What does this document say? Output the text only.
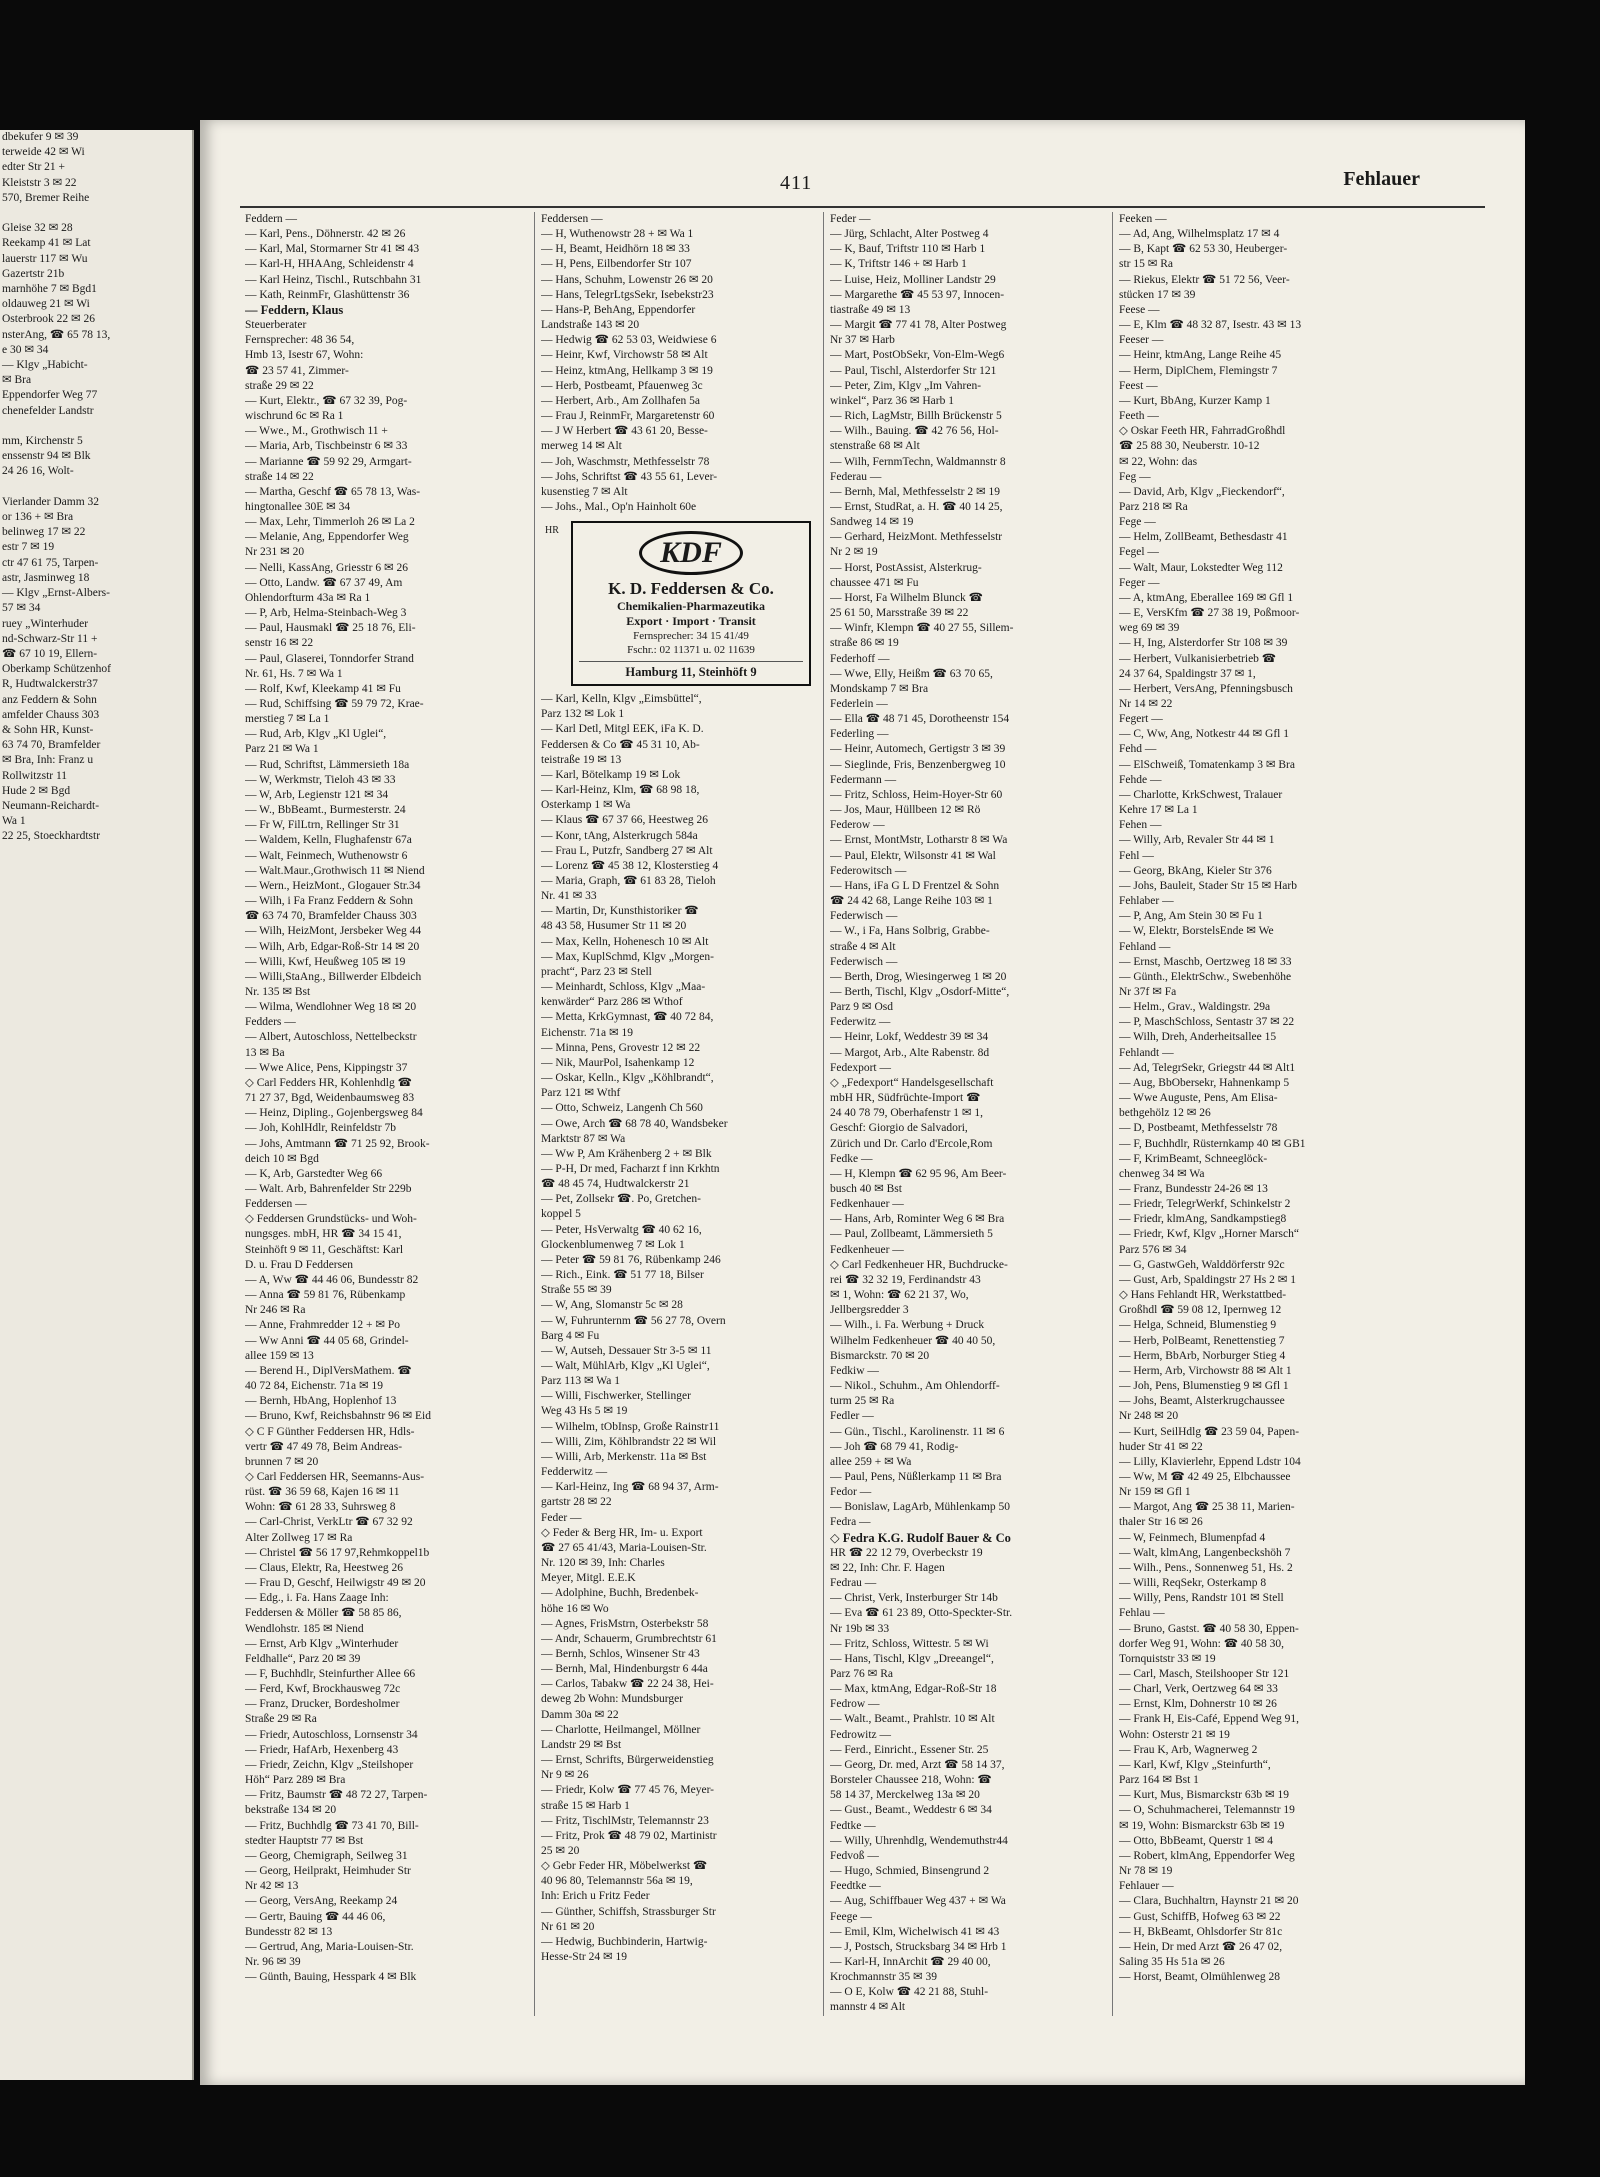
dbekufer 9 ✉ 39
terweide 42 ✉ Wi
edter Str 21 +
Kleiststr 3 ✉ 22
570, Bremer Reihe

Gleise 32 ✉ 28
Reekamp 41 ✉ Lat
lauerstr 117 ✉ Wu
Gazertstr 21b
marnhöhe 7 ✉ Bgd1
oldauweg 21 ✉ Wi
Osterbrook 22 ✉ 26
nsterAng, ☎ 65 78 13,
e 30 ✉ 34
— Klgv „Habicht-
✉ Bra
Eppendorfer Weg 77
chenefelder Landstr

mm, Kirchenstr 5
enssenstr 94 ✉ Blk
24 26 16, Wolt-

Vierlander Damm 32
or 136 + ✉ Bra
belinweg 17 ✉ 22
estr 7 ✉ 19
ctr 47 61 75, Tarpen-
astr, Jasminweg 18
— Klgv „Ernst-Albers-
57 ✉ 34
ruey „Winterhuder
nd-Schwarz-Str 11 +
☎ 67 10 19, Ellern-
Oberkamp Schützenhof
R, Hudtwalckerstr37
anz Feddern & Sohn
amfelder Chauss 303
& Sohn HR, Kunst-
63 74 70, Bramfelder
✉ Bra, Inh: Franz u
Rollwitzstr 11
Hude 2 ✉ Bgd
Neumann-Reichardt-
Wa 1
22 25, Stoeckhardtstr
411	Fehlauer
Feddern —
— Karl, Pens., Döhnerstr. 42 ✉ 26
— Karl, Mal, Stormarner Str 41 ✉ 43
— Karl-H, HHAAng, Schleidenstr 4
— Karl Heinz, Tischl., Rutschbahn 31
— Kath, ReinmFr, Glashüttenstr 36
— Feddern, Klaus
Steuerberater
Fernsprecher: 48 36 54,
Hmb 13, Isestr 67, Wohn:
☎ 23 57 41, Zimmer-
straße 29 ✉ 22
— Kurt, Elektr., ☎ 67 32 39, Pog-
wischrund 6c ✉ Ra 1
— Wwe., M., Grothwisch 11 +
— Maria, Arb, Tischbeinstr 6 ✉ 33
— Marianne ☎ 59 92 29, Armgart-
straße 14 ✉ 22
— Martha, Geschf ☎ 65 78 13, Was-
hingtonallee 30E ✉ 34
— Max, Lehr, Timmerloh 26 ✉ La 2
— Melanie, Ang, Eppendorfer Weg
Nr 231 ✉ 20
— Nelli, KassAng, Griesstr 6 ✉ 26
— Otto, Landw. ☎ 67 37 49, Am
Ohlendorfturm 43a ✉ Ra 1
— P, Arb, Helma-Steinbach-Weg 3
— Paul, Hausmakl ☎ 25 18 76, Eli-
senstr 16 ✉ 22
— Paul, Glaserei, Tonndorfer Strand
Nr. 61, Hs. 7 ✉ Wa 1
— Rolf, Kwf, Kleekamp 41 ✉ Fu
— Rud, Schiffsing ☎ 59 79 72, Krae-
merstieg 7 ✉ La 1
— Rud, Arb, Klgv „Kl Uglei“,
Parz 21 ✉ Wa 1
— Rud, Schriftst, Lämmersieth 18a
— W, Werkmstr, Tieloh 43 ✉ 33
— W, Arb, Legienstr 121 ✉ 34
— W., BbBeamt., Burmesterstr. 24
— Fr W, FilLtrn, Rellinger Str 31
— Waldem, Kelln, Flughafenstr 67a
— Walt, Feinmech, Wuthenowstr 6
— Walt.Maur.,Grothwisch 11 ✉ Niend
— Wern., HeizMont., Glogauer Str.34
— Wilh, i Fa Franz Feddern & Sohn
☎ 63 74 70, Bramfelder Chauss 303
— Wilh, HeizMont, Jersbeker Weg 44
— Wilh, Arb, Edgar-Roß-Str 14 ✉ 20
— Willi, Kwf, Heußweg 105 ✉ 19
— Willi,StaAng., Billwerder Elbdeich
Nr. 135 ✉ Bst
— Wilma, Wendlohner Weg 18 ✉ 20
Fedders —
— Albert, Autoschloss, Nettelbeckstr
13 ✉ Ba
— Wwe Alice, Pens, Kippingstr 37
◇ Carl Fedders HR, Kohlenhdlg ☎
71 27 37, Bgd, Weidenbaumsweg 83
— Heinz, Dipling., Gojenbergsweg 84
— Joh, KohlHdlr, Reinfeldstr 7b
— Johs, Amtmann ☎ 71 25 92, Brook-
deich 10 ✉ Bgd
— K, Arb, Garstedter Weg 66
— Walt. Arb, Bahrenfelder Str 229b
Feddersen —
◇ Feddersen Grundstücks- und Woh-
nungsges. mbH, HR ☎ 34 15 41,
Steinhöft 9 ✉ 11, Geschäftst: Karl
D. u. Frau D Feddersen
— A, Ww ☎ 44 46 06, Bundesstr 82
— Anna ☎ 59 81 76, Rübenkamp
Nr 246 ✉ Ra
— Anne, Frahmredder 12 + ✉ Po
— Ww Anni ☎ 44 05 68, Grindel-
allee 159 ✉ 13
— Berend H., DiplVersMathem. ☎
40 72 84, Eichenstr. 71a ✉ 19
— Bernh, HbAng, Hoplenhof 13
— Bruno, Kwf, Reichsbahnstr 96 ✉ Eid
◇ C F Günther Feddersen HR, Hdls-
vertr ☎ 47 49 78, Beim Andreas-
brunnen 7 ✉ 20
◇ Carl Feddersen HR, Seemanns-Aus-
rüst. ☎ 36 59 68, Kajen 16 ✉ 11
Wohn: ☎ 61 28 33, Suhrsweg 8
— Carl-Christ, VerkLtr ☎ 67 32 92
Alter Zollweg 17 ✉ Ra
— Christel ☎ 56 17 97,Rehmkoppel1b
— Claus, Elektr, Ra, Heestweg 26
— Frau D, Geschf, Heilwigstr 49 ✉ 20
— Edg., i. Fa. Hans Zaage Inh:
Feddersen & Möller ☎ 58 85 86,
Wendlohstr. 185 ✉ Niend
— Ernst, Arb Klgv „Winterhuder
Feldhalle“, Parz 20 ✉ 39
— F, Buchhdlr, Steinfurther Allee 66
— Ferd, Kwf, Brockhausweg 72c
— Franz, Drucker, Bordesholmer
Straße 29 ✉ Ra
— Friedr, Autoschloss, Lornsenstr 34
— Friedr, HafArb, Hexenberg 43
— Friedr, Zeichn, Klgv „Steilshoper
Höh“ Parz 289 ✉ Bra
— Fritz, Baumstr ☎ 48 72 27, Tarpen-
bekstraße 134 ✉ 20
— Fritz, Buchhdlg ☎ 73 41 70, Bill-
stedter Hauptstr 77 ✉ Bst
— Georg, Chemigraph, Seilweg 31
— Georg, Heilprakt, Heimhuder Str
Nr 42 ✉ 13
— Georg, VersAng, Reekamp 24
— Gertr, Bauing ☎ 44 46 06,
Bundesstr 82 ✉ 13
— Gertrud, Ang, Maria-Louisen-Str.
Nr. 96 ✉ 39
— Günth, Bauing, Hesspark 4 ✉ Blk
Feddersen —
— H, Wuthenowstr 28 + ✉ Wa 1
— H, Beamt, Heidhörn 18 ✉ 33
— H, Pens, Eilbendorfer Str 107
— Hans, Schuhm, Lowenstr 26 ✉ 20
— Hans, TelegrLtgsSekr, Isebekstr23
— Hans-P, BehAng, Eppendorfer
Landstraße 143 ✉ 20
— Hedwig ☎ 62 53 03, Weidwiese 6
— Heinr, Kwf, Virchowstr 58 ✉ Alt
— Heinz, ktmAng, Hellkamp 3 ✉ 19
— Herb, Postbeamt, Pfauenweg 3c
— Herbert, Arb., Am Zollhafen 5a
— Frau J, ReinmFr, Margaretenstr 60
— J W Herbert ☎ 43 61 20, Besse-
merweg 14 ✉ Alt
— Joh, Waschmstr, Methfesselstr 78
— Johs, Schriftst ☎ 43 55 61, Lever-
kusenstieg 7 ✉ Alt
— Johs., Mal., Op'n Hainholt 60e
HR
KDF
K. D. Feddersen & Co.
Chemikalien-Pharmazeutika
Export · Import · Transit
Fernsprecher: 34 15 41/49
Fschr.: 02 11371 u. 02 11639
Hamburg 11, Steinhöft 9
— Karl, Kelln, Klgv „Eimsbüttel“,
Parz 132 ✉ Lok 1
— Karl Detl, Mitgl EEK, iFa K. D.
Feddersen & Co ☎ 45 31 10, Ab-
teistraße 19 ✉ 13
— Karl, Bötelkamp 19 ✉ Lok
— Karl-Heinz, Klm, ☎ 68 98 18,
Osterkamp 1 ✉ Wa
— Klaus ☎ 67 37 66, Heestweg 26
— Konr, tAng, Alsterkrugch 584a
— Frau L, Putzfr, Sandberg 27 ✉ Alt
— Lorenz ☎ 45 38 12, Klosterstieg 4
— Maria, Graph, ☎ 61 83 28, Tieloh
Nr. 41 ✉ 33
— Martin, Dr, Kunsthistoriker ☎
48 43 58, Husumer Str 11 ✉ 20
— Max, Kelln, Hohenesch 10 ✉ Alt
— Max, KuplSchmd, Klgv „Morgen-
pracht“, Parz 23 ✉ Stell
— Meinhardt, Schloss, Klgv „Maa-
kenwärder“ Parz 286 ✉ Wthof
— Metta, KrkGymnast, ☎ 40 72 84,
Eichenstr. 71a ✉ 19
— Minna, Pens, Grovestr 12 ✉ 22
— Nik, MaurPol, Isahenkamp 12
— Oskar, Kelln., Klgv „Köhlbrandt“,
Parz 121 ✉ Wthf
— Otto, Schweiz, Langenh Ch 560
— Owe, Arch ☎ 68 78 40, Wandsbeker
Marktstr 87 ✉ Wa
— Ww P, Am Krähenberg 2 + ✉ Blk
— P-H, Dr med, Facharzt f inn Krkhtn
☎ 48 45 74, Hudtwalckerstr 21
— Pet, Zollsekr ☎. Po, Gretchen-
koppel 5
— Peter, HsVerwaltg ☎ 40 62 16,
Glockenblumenweg 7 ✉ Lok 1
— Peter ☎ 59 81 76, Rübenkamp 246
— Rich., Eink. ☎ 51 77 18, Bilser
Straße 55 ✉ 39
— W, Ang, Slomanstr 5c ✉ 28
— W, Fuhrunternm ☎ 56 27 78, Overn
Barg 4 ✉ Fu
— W, Autseh, Dessauer Str 3-5 ✉ 11
— Walt, MühlArb, Klgv „Kl Uglei“,
Parz 113 ✉ Wa 1
— Willi, Fischwerker, Stellinger
Weg 43 Hs 5 ✉ 19
— Wilhelm, tObInsp, Große Rainstr11
— Willi, Zim, Köhlbrandstr 22 ✉ Wil
— Willi, Arb, Merkenstr. 11a ✉ Bst
Fedderwitz —
— Karl-Heinz, Ing ☎ 68 94 37, Arm-
gartstr 28 ✉ 22
Feder —
◇ Feder & Berg HR, Im- u. Export
☎ 27 65 41/43, Maria-Louisen-Str.
Nr. 120 ✉ 39, Inh: Charles
Meyer, Mitgl. E.E.K
— Adolphine, Buchh, Bredenbek-
höhe 16 ✉ Wo
— Agnes, FrisMstrn, Osterbekstr 58
— Andr, Schauerm, Grumbrechtstr 61
— Bernh, Schlos, Winsener Str 43
— Bernh, Mal, Hindenburgstr 6 44a
— Carlos, Tabakw ☎ 22 24 38, Hei-
deweg 2b Wohn: Mundsburger
Damm 30a ✉ 22
— Charlotte, Heilmangel, Möllner
Landstr 29 ✉ Bst
— Ernst, Schrifts, Bürgerweidenstieg
Nr 9 ✉ 26
— Friedr, Kolw ☎ 77 45 76, Meyer-
straße 15 ✉ Harb 1
— Fritz, TischlMstr, Telemannstr 23
— Fritz, Prok ☎ 48 79 02, Martinistr
25 ✉ 20
◇ Gebr Feder HR, Möbelwerkst ☎
40 96 80, Telemannstr 56a ✉ 19,
Inh: Erich u Fritz Feder
— Günther, Schiffsh, Strassburger Str
Nr 61 ✉ 20
— Hedwig, Buchbinderin, Hartwig-
Hesse-Str 24 ✉ 19
Feder —
— Jürg, Schlacht, Alter Postweg 4
— K, Bauf, Triftstr 110 ✉ Harb 1
— K, Triftstr 146 + ✉ Harb 1
— Luise, Heiz, Molliner Landstr 29
— Margarethe ☎ 45 53 97, Innocen-
tiastraße 49 ✉ 13
— Margit ☎ 77 41 78, Alter Postweg
Nr 37 ✉ Harb
— Mart, PostObSekr, Von-Elm-Weg6
— Paul, Tischl, Alsterdorfer Str 121
— Peter, Zim, Klgv „Im Vahren-
winkel“, Parz 36 ✉ Harb 1
— Rich, LagMstr, Billh Brückenstr 5
— Wilh., Bauing. ☎ 42 76 56, Hol-
stenstraße 68 ✉ Alt
— Wilh, FernmTechn, Waldmannstr 8
Federau —
— Bernh, Mal, Methfesselstr 2 ✉ 19
— Ernst, StudRat, a. H. ☎ 40 14 25,
Sandweg 14 ✉ 19
— Gerhard, HeizMont. Methfesselstr
Nr 2 ✉ 19
— Horst, PostAssist, Alsterkrug-
chaussee 471 ✉ Fu
— Horst, Fa Wilhelm Blunck ☎
25 61 50, Marsstraße 39 ✉ 22
— Winfr, Klempn ☎ 40 27 55, Sillem-
straße 86 ✉ 19
Federhoff —
— Wwe, Elly, Heißm ☎ 63 70 65,
Mondskamp 7 ✉ Bra
Federlein —
— Ella ☎ 48 71 45, Dorotheenstr 154
Federling —
— Heinr, Automech, Gertigstr 3 ✉ 39
— Sieglinde, Fris, Benzenbergweg 10
Federmann —
— Fritz, Schloss, Heim-Hoyer-Str 60
— Jos, Maur, Hüllbeen 12 ✉ Rö
Federow —
— Ernst, MontMstr, Lotharstr 8 ✉ Wa
— Paul, Elektr, Wilsonstr 41 ✉ Wal
Federowitsch —
— Hans, iFa G L D Frentzel & Sohn
☎ 24 42 68, Lange Reihe 103 ✉ 1
Federwisch —
— W., i Fa, Hans Solbrig, Grabbe-
straße 4 ✉ Alt
Federwisch —
— Berth, Drog, Wiesingerweg 1 ✉ 20
— Berth, Tischl, Klgv „Osdorf-Mitte“,
Parz 9 ✉ Osd
Federwitz —
— Heinr, Lokf, Weddestr 39 ✉ 34
— Margot, Arb., Alte Rabenstr. 8d
Fedexport —
◇ „Fedexport“ Handelsgesellschaft
mbH HR, Südfrüchte-Import ☎
24 40 78 79, Oberhafenstr 1 ✉ 1,
Geschf: Giorgio de Salvadori,
Zürich und Dr. Carlo d'Ercole,Rom
Fedke —
— H, Klempn ☎ 62 95 96, Am Beer-
busch 40 ✉ Bst
Fedkenhauer —
— Hans, Arb, Rominter Weg 6 ✉ Bra
— Paul, Zollbeamt, Lämmersieth 5
Fedkenheuer —
◇ Carl Fedkenheuer HR, Buchdrucke-
rei ☎ 32 32 19, Ferdinandstr 43
✉ 1, Wohn: ☎ 62 21 37, Wo,
Jellbergsredder 3
— Wilh., i. Fa. Werbung + Druck
Wilhelm Fedkenheuer ☎ 40 40 50,
Bismarckstr. 70 ✉ 20
Fedkiw —
— Nikol., Schuhm., Am Ohlendorff-
turm 25 ✉ Ra
Fedler —
— Gün., Tischl., Karolinenstr. 11 ✉ 6
— Joh ☎ 68 79 41, Rodig-
allee 259 + ✉ Wa
— Paul, Pens, Nüßlerkamp 11 ✉ Bra
Fedor —
— Bonislaw, LagArb, Mühlenkamp 50
Fedra —
◇ Fedra K.G. Rudolf Bauer & Co
HR ☎ 22 12 79, Overbeckstr 19
✉ 22, Inh: Chr. F. Hagen
Fedrau —
— Christ, Verk, Insterburger Str 14b
— Eva ☎ 61 23 89, Otto-Speckter-Str.
Nr 19b ✉ 33
— Fritz, Schloss, Wittestr. 5 ✉ Wi
— Hans, Tischl, Klgv „Dreeangel“,
Parz 76 ✉ Ra
— Max, ktmAng, Edgar-Roß-Str 18
Fedrow —
— Walt., Beamt., Prahlstr. 10 ✉ Alt
Fedrowitz —
— Ferd., Einricht., Essener Str. 25
— Georg, Dr. med, Arzt ☎ 58 14 37,
Borsteler Chaussee 218, Wohn: ☎
58 14 37, Merckelweg 13a ✉ 20
— Gust., Beamt., Weddestr 6 ✉ 34
Fedtke —
— Willy, Uhrenhdlg, Wendemuthstr44
Fedvoß —
— Hugo, Schmied, Binsengrund 2
Feedtke —
— Aug, Schiffbauer Weg 437 + ✉ Wa
Feege —
— Emil, Klm, Wichelwisch 41 ✉ 43
— J, Postsch, Strucksbarg 34 ✉ Hrb 1
— Karl-H, InnArchit ☎ 29 40 00,
Krochmannstr 35 ✉ 39
— O E, Kolw ☎ 42 21 88, Stuhl-
mannstr 4 ✉ Alt
Feeken —
— Ad, Ang, Wilhelmsplatz 17 ✉ 4
— B, Kapt ☎ 62 53 30, Heuberger-
str 15 ✉ Ra
— Riekus, Elektr ☎ 51 72 56, Veer-
stücken 17 ✉ 39
Feese —
— E, Klm ☎ 48 32 87, Isestr. 43 ✉ 13
Feeser —
— Heinr, ktmAng, Lange Reihe 45
— Herm, DiplChem, Flemingstr 7
Feest —
— Kurt, BbAng, Kurzer Kamp 1
Feeth —
◇ Oskar Feeth HR, FahrradGroßhdl
☎ 25 88 30, Neuberstr. 10-12
✉ 22, Wohn: das
Feg —
— David, Arb, Klgv „Fieckendorf“,
Parz 218 ✉ Ra
Fege —
— Helm, ZollBeamt, Bethesdastr 41
Fegel —
— Walt, Maur, Lokstedter Weg 112
Feger —
— A, ktmAng, Eberallee 169 ✉ Gfl 1
— E, VersKfm ☎ 27 38 19, Poßmoor-
weg 69 ✉ 39
— H, Ing, Alsterdorfer Str 108 ✉ 39
— Herbert, Vulkanisierbetrieb ☎
24 37 64, Spaldingstr 37 ✉ 1,
— Herbert, VersAng, Pfenningsbusch
Nr 14 ✉ 22
Fegert —
— C, Ww, Ang, Notkestr 44 ✉ Gfl 1
Fehd —
— ElSchweiß, Tomatenkamp 3 ✉ Bra
Fehde —
— Charlotte, KrkSchwest, Tralauer
Kehre 17 ✉ La 1
Fehen —
— Willy, Arb, Revaler Str 44 ✉ 1
Fehl —
— Georg, BkAng, Kieler Str 376
— Johs, Bauleit, Stader Str 15 ✉ Harb
Fehlaber —
— P, Ang, Am Stein 30 ✉ Fu 1
— W, Elektr, BorstelsEnde ✉ We
Fehland —
— Ernst, Maschb, Oertzweg 18 ✉ 33
— Günth., ElektrSchw., Swebenhöhe
Nr 37f ✉ Fa
— Helm., Grav., Waldingstr. 29a
— P, MaschSchloss, Sentastr 37 ✉ 22
— Wilh, Dreh, Anderheitsallee 15
Fehlandt —
— Ad, TelegrSekr, Griegstr 44 ✉ Alt1
— Aug, BbObersekr, Hahnenkamp 5
— Wwe Auguste, Pens, Am Elisa-
bethgehölz 12 ✉ 26
— D, Postbeamt, Methfesselstr 78
— F, Buchhdlr, Rüsternkamp 40 ✉ GB1
— F, KrimBeamt, Schneeglöck-
chenweg 34 ✉ Wa
— Franz, Bundesstr 24-26 ✉ 13
— Friedr, TelegrWerkf, Schinkelstr 2
— Friedr, klmAng, Sandkampstieg8
— Friedr, Kwf, Klgv „Horner Marsch“
Parz 576 ✉ 34
— G, GastwGeh, Walddörferstr 92c
— Gust, Arb, Spaldingstr 27 Hs 2 ✉ 1
◇ Hans Fehlandt HR, Werkstattbed-
Großhdl ☎ 59 08 12, Ipernweg 12
— Helga, Schneid, Blumenstieg 9
— Herb, PolBeamt, Renettenstieg 7
— Herm, BbArb, Norburger Stieg 4
— Herm, Arb, Virchowstr 88 ✉ Alt 1
— Joh, Pens, Blumenstieg 9 ✉ Gfl 1
— Johs, Beamt, Alsterkrugchaussee
Nr 248 ✉ 20
— Kurt, SeilHdlg ☎ 23 59 04, Papen-
huder Str 41 ✉ 22
— Lilly, Klavierlehr, Eppend Ldstr 104
— Ww, M ☎ 42 49 25, Elbchaussee
Nr 159 ✉ Gfl 1
— Margot, Ang ☎ 25 38 11, Marien-
thaler Str 16 ✉ 26
— W, Feinmech, Blumenpfad 4
— Walt, klmAng, Langenbeckshöh 7
— Wilh., Pens., Sonnenweg 51, Hs. 2
— Willi, ReqSekr, Osterkamp 8
— Willy, Pens, Randstr 101 ✉ Stell
Fehlau —
— Bruno, Gastst. ☎ 40 58 30, Eppen-
dorfer Weg 91, Wohn: ☎ 40 58 30,
Tornquiststr 33 ✉ 19
— Carl, Masch, Steilshooper Str 121
— Charl, Verk, Oertzweg 64 ✉ 33
— Ernst, Klm, Dohnerstr 10 ✉ 26
— Frank H, Eis-Café, Eppend Weg 91,
Wohn: Osterstr 21 ✉ 19
— Frau K, Arb, Wagnerweg 2
— Karl, Kwf, Klgv „Steinfurth“,
Parz 164 ✉ Bst 1
— Kurt, Mus, Bismarckstr 63b ✉ 19
— O, Schuhmacherei, Telemannstr 19
✉ 19, Wohn: Bismarckstr 63b ✉ 19
— Otto, BbBeamt, Querstr 1 ✉ 4
— Robert, klmAng, Eppendorfer Weg
Nr 78 ✉ 19
Fehlauer —
— Clara, Buchhaltrn, Haynstr 21 ✉ 20
— Gust, SchiffB, Hofweg 63 ✉ 22
— H, BkBeamt, Ohlsdorfer Str 81c
— Hein, Dr med Arzt ☎ 26 47 02,
Saling 35 Hs 51a ✉ 26
— Horst, Beamt, Olmühlenweg 28
